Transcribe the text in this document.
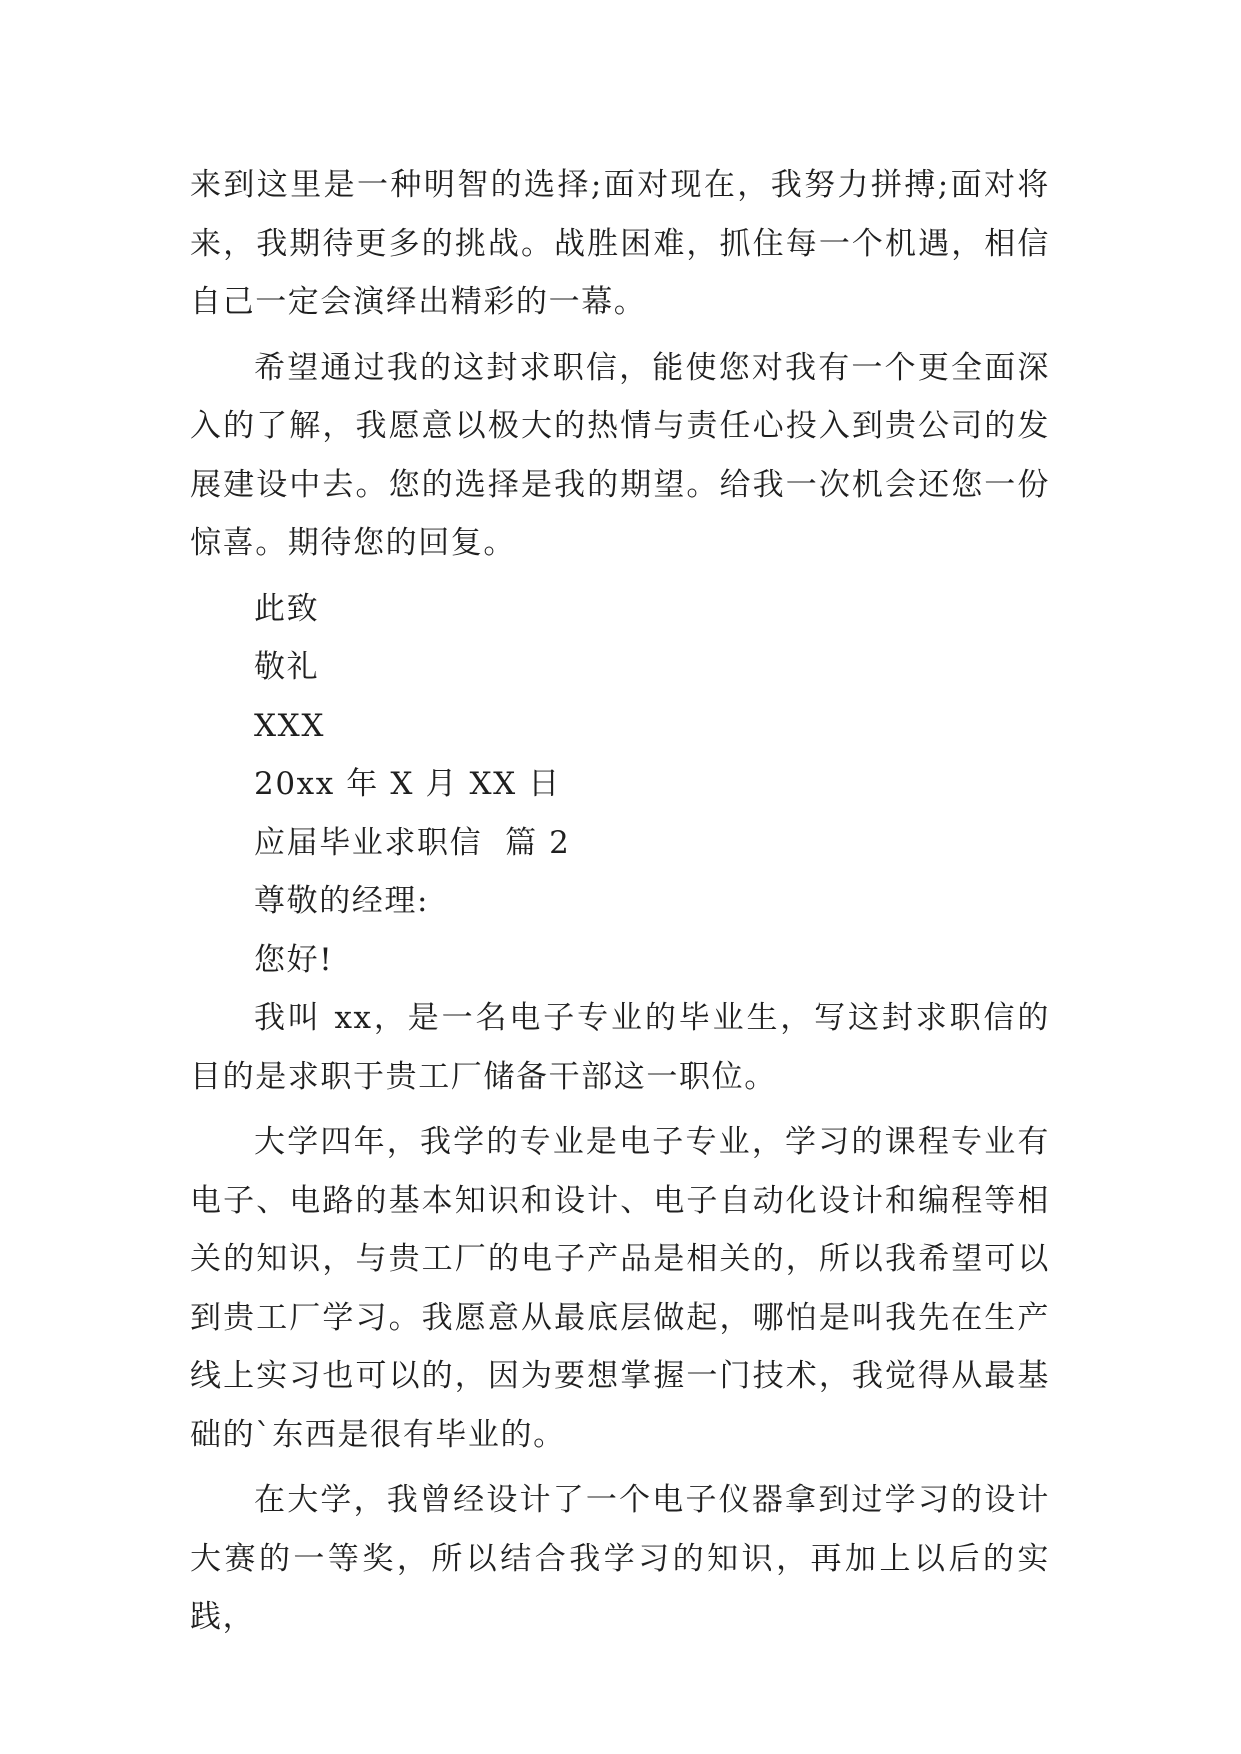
来到这里是一种明智的选择;面对现在，我努力拼搏;面对将来，我期待更多的挑战。战胜困难，抓住每一个机遇，相信自己一定会演绎出精彩的一幕。

希望通过我的这封求职信，能使您对我有一个更全面深入的了解，我愿意以极大的热情与责任心投入到贵公司的发展建设中去。您的选择是我的期望。给我一次机会还您一份惊喜。期待您的回复。

此致
敬礼
XXX
20xx 年 X 月 XX 日
应届毕业求职信  篇 2
尊敬的经理:
您好!

我叫 xx，是一名电子专业的毕业生，写这封求职信的目的是求职于贵工厂储备干部这一职位。

大学四年，我学的专业是电子专业，学习的课程专业有电子、电路的基本知识和设计、电子自动化设计和编程等相关的知识，与贵工厂的电子产品是相关的，所以我希望可以到贵工厂学习。我愿意从最底层做起，哪怕是叫我先在生产线上实习也可以的，因为要想掌握一门技术，我觉得从最基础的`东西是很有毕业的。

在大学，我曾经设计了一个电子仪器拿到过学习的设计大赛的一等奖，所以结合我学习的知识，再加上以后的实践，
